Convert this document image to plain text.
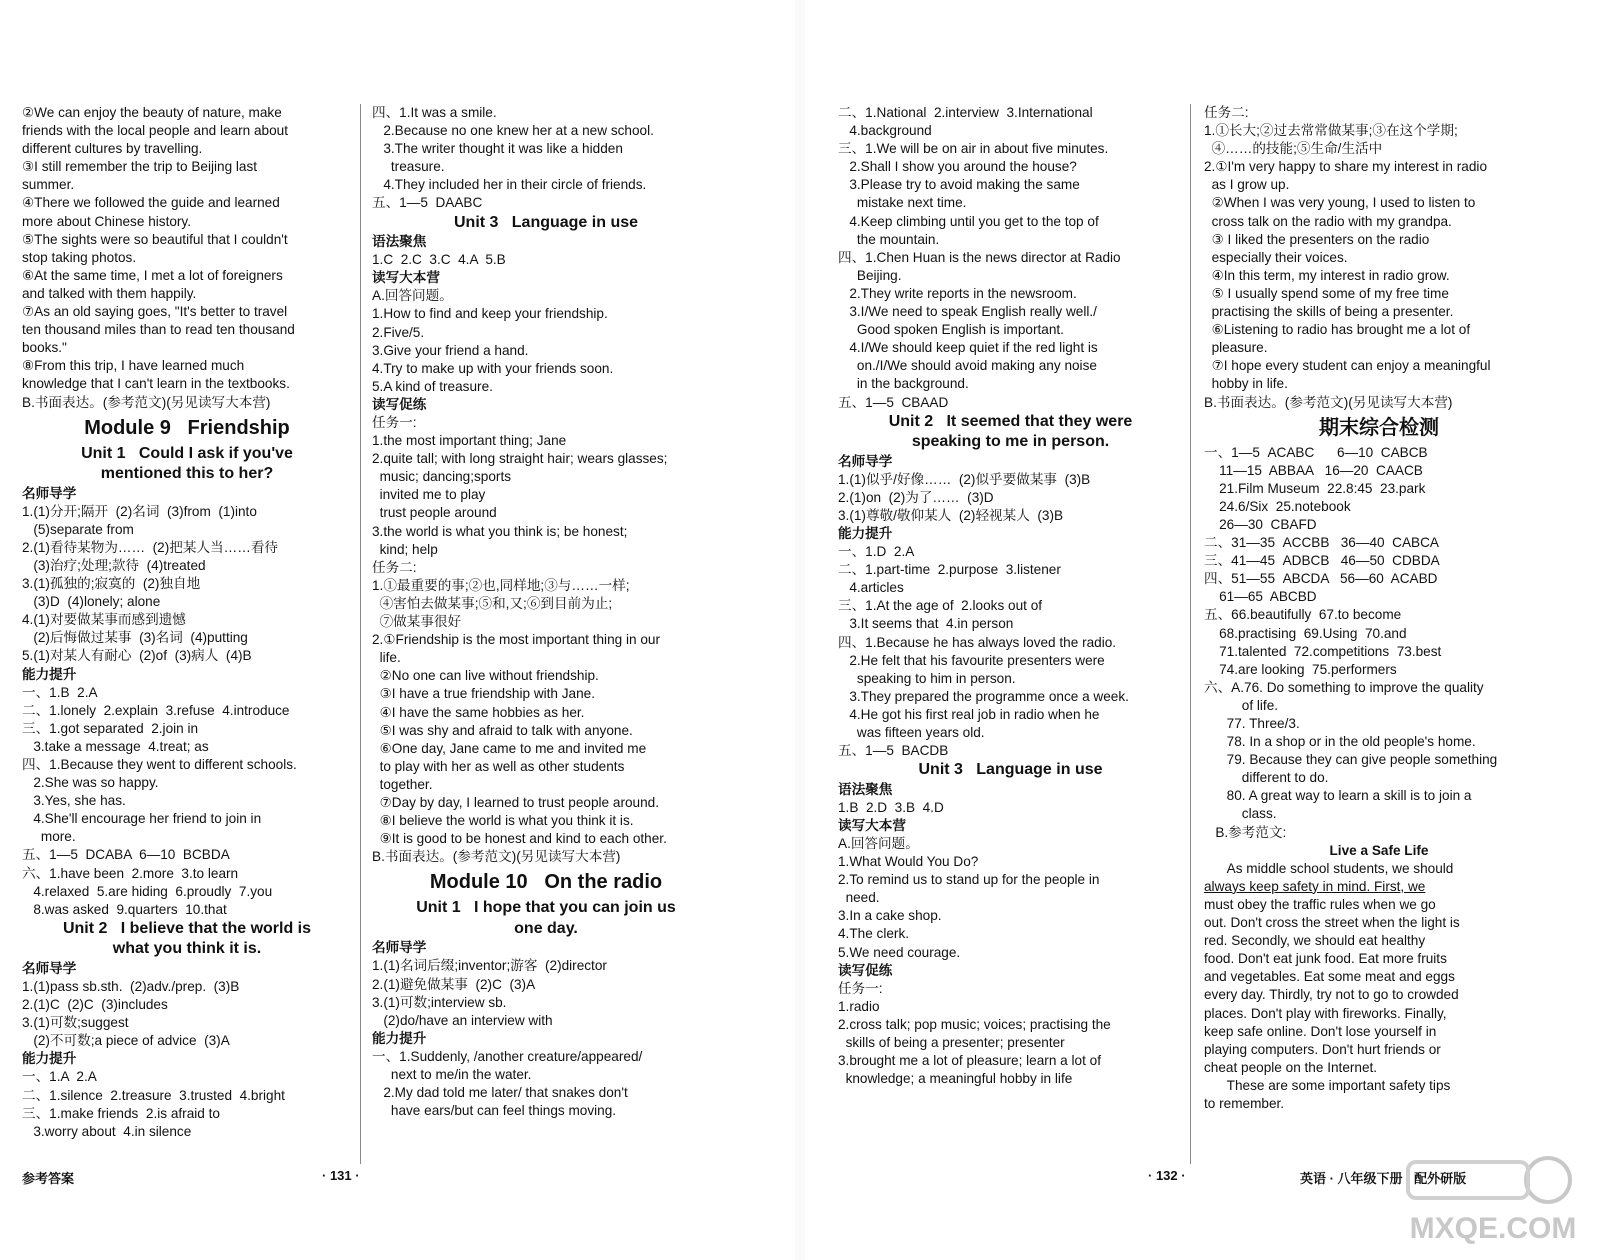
②We can enjoy the beauty of nature, make
friends with the local people and learn about
different cultures by travelling.
③I still remember the trip to Beijing last
summer.
④There we followed the guide and learned
more about Chinese history.
⑤The sights were so beautiful that I couldn't
stop taking photos.
⑥At the same time, I met a lot of foreigners
and talked with them happily.
⑦As an old saying goes, "It's better to travel
ten thousand miles than to read ten thousand
books."
⑧From this trip, I have learned much
knowledge that I can't learn in the textbooks.
B.书面表达。(参考范文)(另见读写大本营)
Module 9   Friendship
Unit 1   Could I ask if you've
mentioned this to her?
名师导学
1.(1)分开;隔开  (2)名词  (3)from  (1)into
(5)separate from
2.(1)看待某物为……  (2)把某人当……看待
(3)治疗;处理;款待  (4)treated
3.(1)孤独的;寂寞的  (2)独自地
(3)D  (4)lonely; alone
4.(1)对要做某事而感到遗憾
(2)后悔做过某事  (3)名词  (4)putting
5.(1)对某人有耐心  (2)of  (3)病人  (4)B
能力提升
一、1.B  2.A
二、1.lonely  2.explain  3.refuse  4.introduce
三、1.got separated  2.join in
3.take a message  4.treat; as
四、1.Because they went to different schools.
2.She was so happy.
3.Yes, she has.
4.She'll encourage her friend to join in
more.
五、1—5  DCABA  6—10  BCBDA
六、1.have been  2.more  3.to learn
4.relaxed  5.are hiding  6.proudly  7.you
8.was asked  9.quarters  10.that
Unit 2   I believe that the world is
what you think it is.
名师导学
1.(1)pass sb.sth.  (2)adv./prep.  (3)B
2.(1)C  (2)C  (3)includes
3.(1)可数;suggest
(2)不可数;a piece of advice  (3)A
能力提升
一、1.A  2.A
二、1.silence  2.treasure  3.trusted  4.bright
三、1.make friends  2.is afraid to
3.worry about  4.in silence
四、1.It was a smile.
2.Because no one knew her at a new school.
3.The writer thought it was like a hidden
treasure.
4.They included her in their circle of friends.
五、1—5  DAABC
Unit 3   Language in use
语法聚焦
1.C  2.C  3.C  4.A  5.B
读写大本营
A.回答问题。
1.How to find and keep your friendship.
2.Five/5.
3.Give your friend a hand.
4.Try to make up with your friends soon.
5.A kind of treasure.
读写促练
任务一:
1.the most important thing; Jane
2.quite tall; with long straight hair; wears glasses;
music; dancing;sports
invited me to play
trust people around
3.the world is what you think is; be honest;
kind; help
任务二:
1.①最重要的事;②也,同样地;③与……一样;
④害怕去做某事;⑤和,又;⑥到目前为止;
⑦做某事很好
2.①Friendship is the most important thing in our
life.
②No one can live without friendship.
③I have a true friendship with Jane.
④I have the same hobbies as her.
⑤I was shy and afraid to talk with anyone.
⑥One day, Jane came to me and invited me
to play with her as well as other students
together.
⑦Day by day, I learned to trust people around.
⑧I believe the world is what you think it is.
⑨It is good to be honest and kind to each other.
B.书面表达。(参考范文)(另见读写大本营)
Module 10   On the radio
Unit 1   I hope that you can join us
one day.
名师导学
1.(1)名词后缀;inventor;游客  (2)director
2.(1)避免做某事  (2)C  (3)A
3.(1)可数;interview sb.
(2)do/have an interview with
能力提升
一、1.Suddenly, /another creature/appeared/
next to me/in the water.
2.My dad told me later/ that snakes don't
have ears/but can feel things moving.
二、1.National  2.interview  3.International
4.background
三、1.We will be on air in about five minutes.
2.Shall I show you around the house?
3.Please try to avoid making the same
mistake next time.
4.Keep climbing until you get to the top of
the mountain.
四、1.Chen Huan is the news director at Radio
Beijing.
2.They write reports in the newsroom.
3.I/We need to speak English really well./
Good spoken English is important.
4.I/We should keep quiet if the red light is
on./I/We should avoid making any noise
in the background.
五、1—5  CBAAD
Unit 2   It seemed that they were
speaking to me in person.
名师导学
1.(1)似乎/好像……  (2)似乎要做某事  (3)B
2.(1)on  (2)为了……  (3)D
3.(1)尊敬/敬仰某人  (2)轻视某人  (3)B
能力提升
一、1.D  2.A
二、1.part-time  2.purpose  3.listener
4.articles
三、1.At the age of  2.looks out of
3.It seems that  4.in person
四、1.Because he has always loved the radio.
2.He felt that his favourite presenters were
speaking to him in person.
3.They prepared the programme once a week.
4.He got his first real job in radio when he
was fifteen years old.
五、1—5  BACDB
Unit 3   Language in use
语法聚焦
1.B  2.D  3.B  4.D
读写大本营
A.回答问题。
1.What Would You Do?
2.To remind us to stand up for the people in
need.
3.In a cake shop.
4.The clerk.
5.We need courage.
读写促练
任务一:
1.radio
2.cross talk; pop music; voices; practising the
skills of being a presenter; presenter
3.brought me a lot of pleasure; learn a lot of
knowledge; a meaningful hobby in life
任务二:
1.①长大;②过去常常做某事;③在这个学期;
④……的技能;⑤生命/生活中
2.①I'm very happy to share my interest in radio
as I grow up.
②When I was very young, I used to listen to
cross talk on the radio with my grandpa.
③ I liked the presenters on the radio
especially their voices.
④In this term, my interest in radio grow.
⑤ I usually spend some of my free time
practising the skills of being a presenter.
⑥Listening to radio has brought me a lot of
pleasure.
⑦I hope every student can enjoy a meaningful
hobby in life.
B.书面表达。(参考范文)(另见读写大本营)
期末综合检测
一、1—5  ACABC      6—10  CABCB
11—15  ABBAA   16—20  CAACB
21.Film Museum  22.8:45  23.park
24.6/Six  25.notebook
26—30  CBAFD
二、31—35  ACCBB   36—40  CABCA
三、41—45  ADBCB   46—50  CDBDA
四、51—55  ABCDA   56—60  ACABD
61—65  ABCBD
五、66.beautifully  67.to become
68.practising  69.Using  70.and
71.talented  72.competitions  73.best
74.are looking  75.performers
六、A.76. Do something to improve the quality
of life.
77. Three/3.
78. In a shop or in the old people's home.
79. Because they can give people something
different to do.
80. A great way to learn a skill is to join a
class.
B.参考范文:
Live a Safe Life
As middle school students, we should
always keep safety in mind. First, we
must obey the traffic rules when we go
out. Don't cross the street when the light is
red. Secondly, we should eat healthy
food. Don't eat junk food. Eat more fruits
and vegetables. Eat some meat and eggs
every day. Thirdly, try not to go to crowded
places. Don't play with fireworks. Finally,
keep safe online. Don't lose yourself in
playing computers. Don't hurt friends or
cheat people on the Internet.
These are some important safety tips
to remember.
参考答案	· 131 ·	· 132 ·	英语 · 八年级下册 · 配外研版
MXQE.COM
